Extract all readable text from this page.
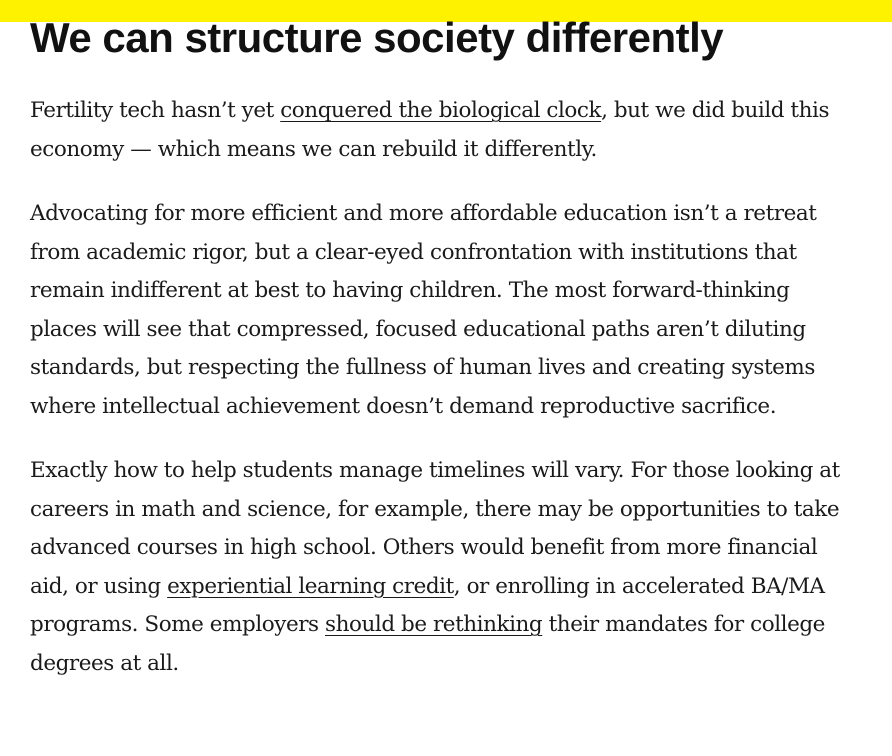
We can structure society differently

Fertility tech hasn’t yet conquered the biological clock, but we did build this economy — which means we can rebuild it differently.

Advocating for more efficient and more affordable education isn’t a retreat from academic rigor, but a clear-eyed confrontation with institutions that remain indifferent at best to having children. The most forward-thinking places will see that compressed, focused educational paths aren’t diluting standards, but respecting the fullness of human lives and creating systems where intellectual achievement doesn’t demand reproductive sacrifice.

Exactly how to help students manage timelines will vary. For those looking at careers in math and science, for example, there may be opportunities to take advanced courses in high school. Others would benefit from more financial aid, or using experiential learning credit, or enrolling in accelerated BA/MA programs. Some employers should be rethinking their mandates for college degrees at all.
